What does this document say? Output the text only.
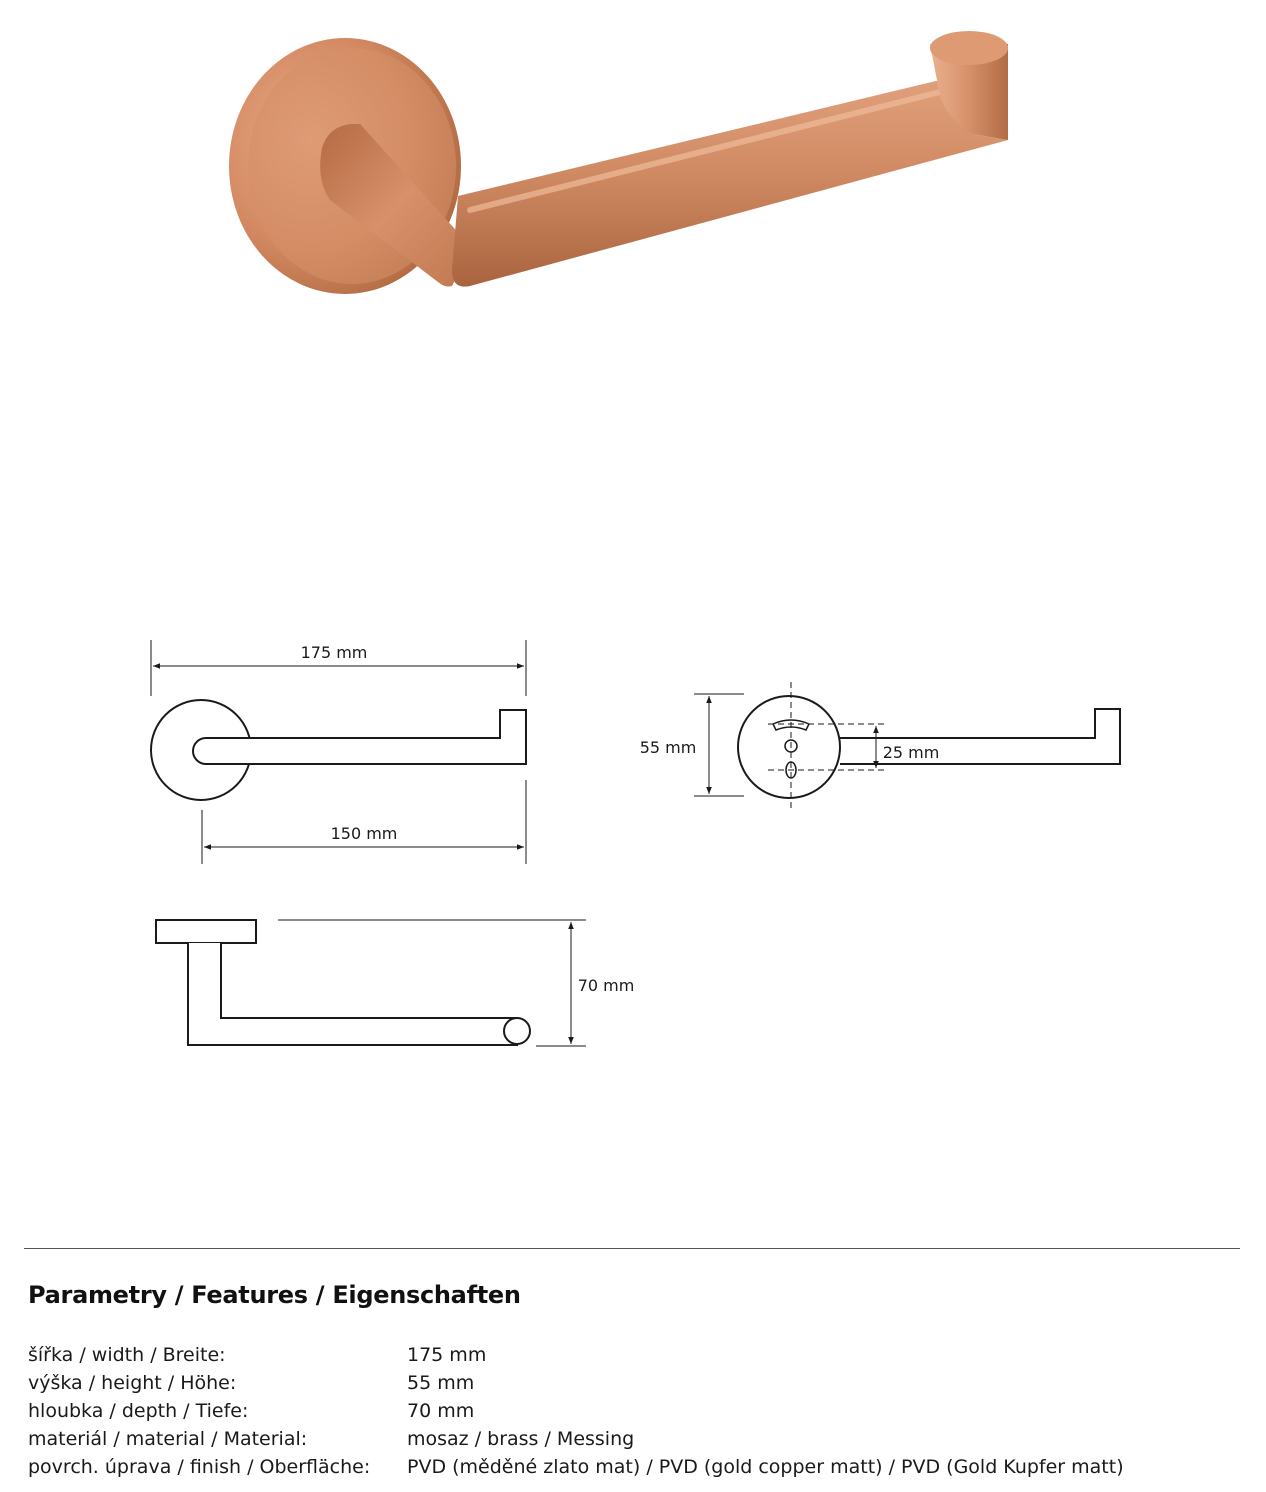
175 mm
150 mm
55 mm	25 mm
70 mm
Parametry / Features / Eigenschaften
šířka / width / Breite:	175 mm
výška / height / Höhe:	55 mm
hloubka / depth / Tiefe:	70 mm
materiál / material / Material:	mosaz / brass / Messing
povrch. úprava / finish / Oberfläche:	PVD (měděné zlato mat) / PVD (gold copper matt) / PVD (Gold Kupfer matt)
